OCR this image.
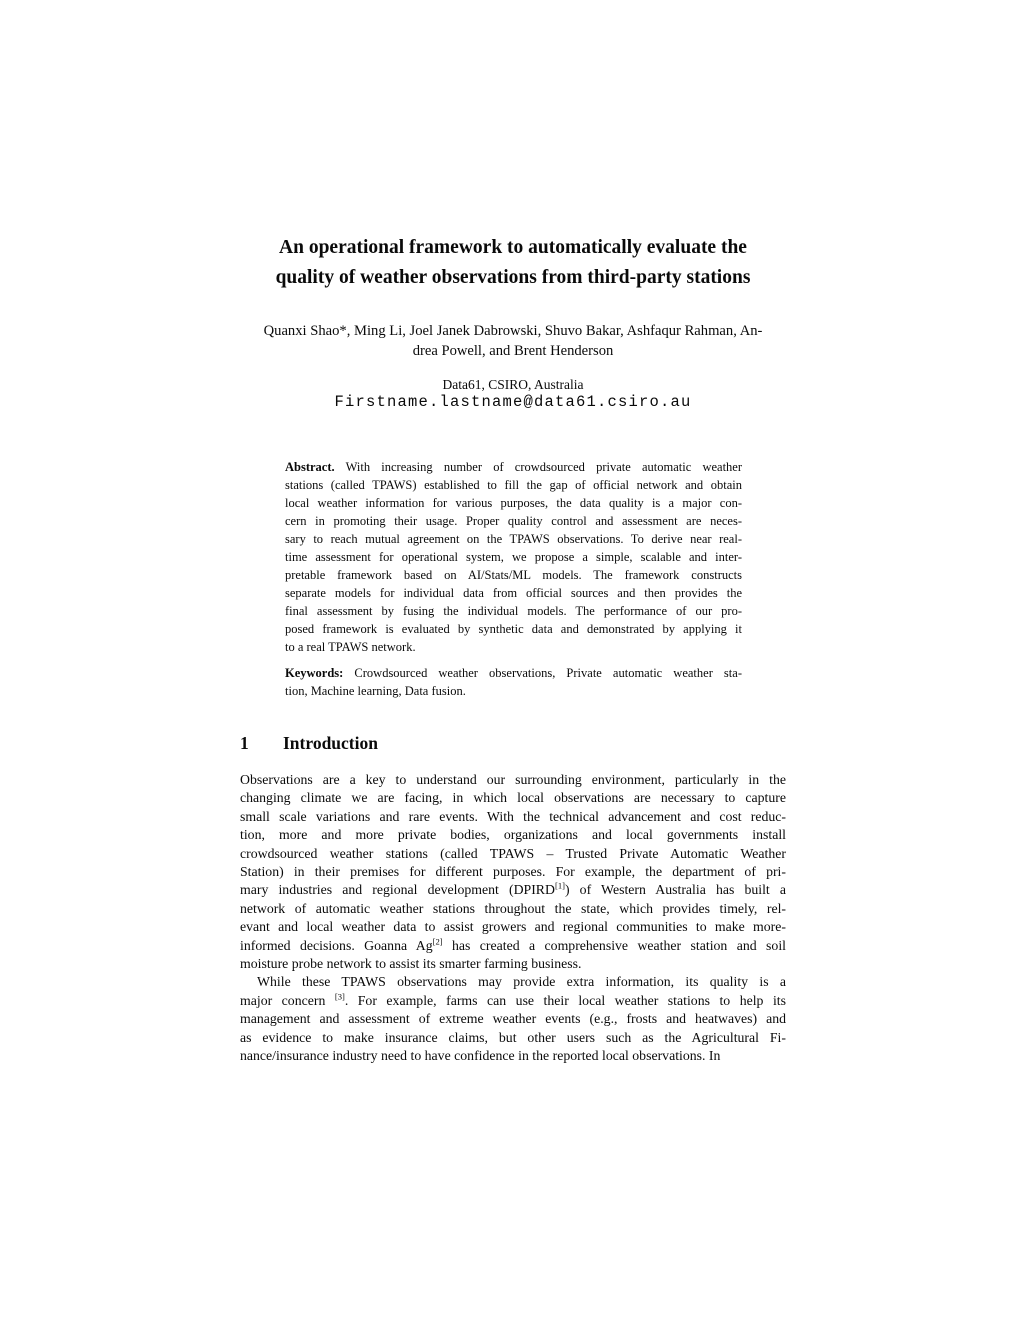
An operational framework to automatically evaluate the
quality of weather observations from third-party stations
Quanxi Shao*, Ming Li, Joel Janek Dabrowski, Shuvo Bakar, Ashfaqur Rahman, An-
drea Powell, and Brent Henderson
Data61, CSIRO, Australia
Firstname.lastname@data61.csiro.au
Abstract. With increasing number of crowdsourced private automatic weather
stations (called TPAWS) established to fill the gap of official network and obtain
local weather information for various purposes, the data quality is a major con-
cern in promoting their usage. Proper quality control and assessment are neces-
sary to reach mutual agreement on the TPAWS observations. To derive near real-
time assessment for operational system, we propose a simple, scalable and inter-
pretable framework based on AI/Stats/ML models. The framework constructs
separate models for individual data from official sources and then provides the
final assessment by fusing the individual models. The performance of our pro-
posed framework is evaluated by synthetic data and demonstrated by applying it
to a real TPAWS network.
Keywords: Crowdsourced weather observations, Private automatic weather sta-
tion, Machine learning, Data fusion.
1	Introduction
Observations are a key to understand our surrounding environment, particularly in the
changing climate we are facing, in which local observations are necessary to capture
small scale variations and rare events. With the technical advancement and cost reduc-
tion, more and more private bodies, organizations and local governments install
crowdsourced weather stations (called TPAWS – Trusted Private Automatic Weather
Station) in their premises for different purposes. For example, the department of pri-
mary industries and regional development (DPIRD[1]) of Western Australia has built a
network of automatic weather stations throughout the state, which provides timely, rel-
evant and local weather data to assist growers and regional communities to make more-
informed decisions. Goanna Ag[2] has created a comprehensive weather station and soil
moisture probe network to assist its smarter farming business.
While these TPAWS observations may provide extra information, its quality is a
major concern [3]. For example, farms can use their local weather stations to help its
management and assessment of extreme weather events (e.g., frosts and heatwaves) and
as evidence to make insurance claims, but other users such as the Agricultural Fi-
nance/insurance industry need to have confidence in the reported local observations. In
